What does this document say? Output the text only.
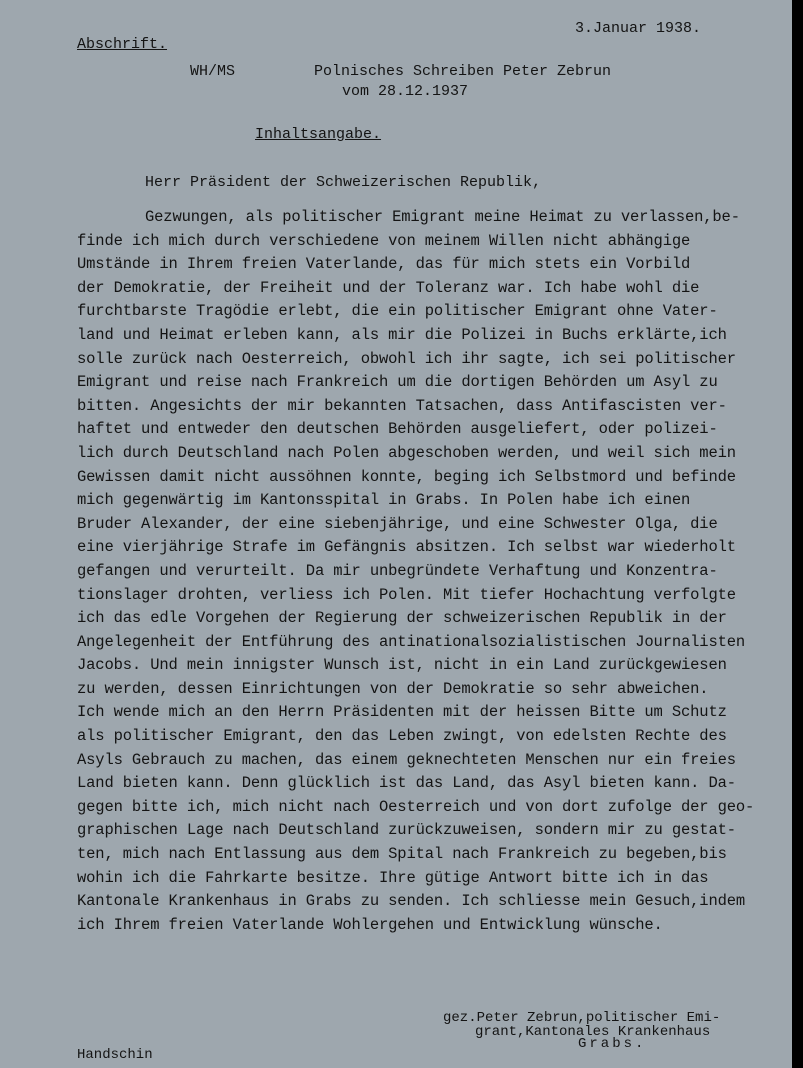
3.Januar 1938.
Abschrift.
WH/MS	Polnisches Schreiben Peter Zebrun
vom 28.12.1937
Inhaltsangabe.
Herr Präsident der Schweizerischen Republik,
Gezwungen, als politischer Emigrant meine Heimat zu verlassen,be-
finde ich mich durch verschiedene von meinem Willen nicht abhängige
Umstände in Ihrem freien Vaterlande, das für mich stets ein Vorbild
der Demokratie, der Freiheit und der Toleranz war. Ich habe wohl die
furchtbarste Tragödie erlebt, die ein politischer Emigrant ohne Vater-
land und Heimat erleben kann, als mir die Polizei in Buchs erklärte,ich
solle zurück nach Oesterreich, obwohl ich ihr sagte, ich sei politischer
Emigrant und reise nach Frankreich um die dortigen Behörden um Asyl zu
bitten. Angesichts der mir bekannten Tatsachen, dass Antifascisten ver-
haftet und entweder den deutschen Behörden ausgeliefert, oder polizei-
lich durch Deutschland nach Polen abgeschoben werden, und weil sich mein
Gewissen damit nicht aussöhnen konnte, beging ich Selbstmord und befinde
mich gegenwärtig im Kantonsspital in Grabs. In Polen habe ich einen
Bruder Alexander, der eine siebenjährige, und eine Schwester Olga, die
eine vierjährige Strafe im Gefängnis absitzen. Ich selbst war wiederholt
gefangen und verurteilt. Da mir unbegründete Verhaftung und Konzentra-
tionslager drohten, verliess ich Polen. Mit tiefer Hochachtung verfolgte
ich das edle Vorgehen der Regierung der schweizerischen Republik in der
Angelegenheit der Entführung des antinationalsozialistischen Journalisten
Jacobs. Und mein innigster Wunsch ist, nicht in ein Land zurückgewiesen
zu werden, dessen Einrichtungen von der Demokratie so sehr abweichen.
Ich wende mich an den Herrn Präsidenten mit der heissen Bitte um Schutz
als politischer Emigrant, den das Leben zwingt, von edelsten Rechte des
Asyls Gebrauch zu machen, das einem geknechteten Menschen nur ein freies
Land bieten kann. Denn glücklich ist das Land, das Asyl bieten kann. Da-
gegen bitte ich, mich nicht nach Oesterreich und von dort zufolge der geo-
graphischen Lage nach Deutschland zurückzuweisen, sondern mir zu gestat-
ten, mich nach Entlassung aus dem Spital nach Frankreich zu begeben,bis
wohin ich die Fahrkarte besitze. Ihre gütige Antwort bitte ich in das
Kantonale Krankenhaus in Grabs zu senden. Ich schliesse mein Gesuch,indem
ich Ihrem freien Vaterlande Wohlergehen und Entwicklung wünsche.
gez.Peter Zebrun,politischer Emi-
grant,Kantonales Krankenhaus
Grabs.
Handschin
